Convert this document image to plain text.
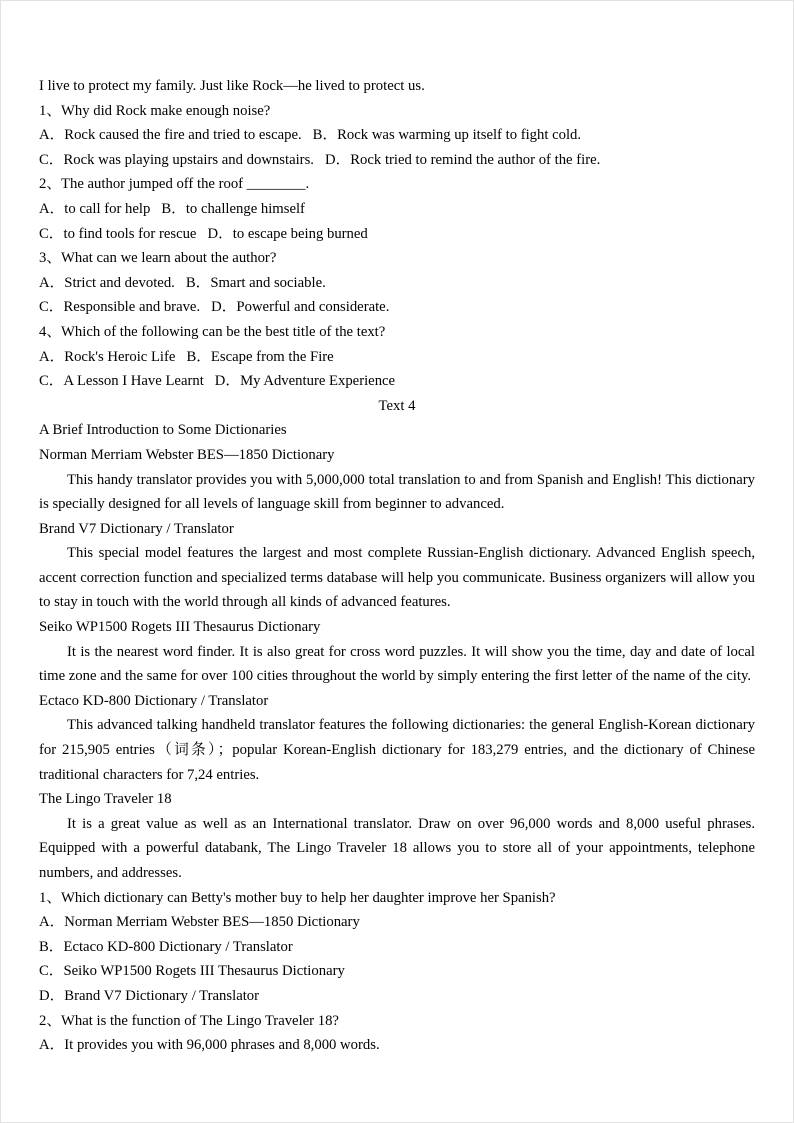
I live to protect my family. Just like Rock—he lived to protect us.
1、Why did Rock make enough noise?
A．Rock caused the fire and tried to escape.   B．Rock was warming up itself to fight cold.
C．Rock was playing upstairs and downstairs.   D．Rock tried to remind the author of the fire.
2、The author jumped off the roof ________.
A．to call for help   B．to challenge himself
C．to find tools for rescue   D．to escape being burned
3、What can we learn about the author?
A．Strict and devoted.   B．Smart and sociable.
C．Responsible and brave.   D．Powerful and considerate.
4、Which of the following can be the best title of the text?
A．Rock's Heroic Life   B．Escape from the Fire
C．A Lesson I Have Learnt   D．My Adventure Experience
Text 4
A Brief Introduction to Some Dictionaries
Norman Merriam Webster BES—1850 Dictionary
This handy translator provides you with 5,000,000 total translation to and from Spanish and English! This dictionary is specially designed for all levels of language skill from beginner to advanced.
Brand V7 Dictionary / Translator
This special model features the largest and most complete Russian-English dictionary. Advanced English speech, accent correction function and specialized terms database will help you communicate. Business organizers will allow you to stay in touch with the world through all kinds of advanced features.
Seiko WP1500 Rogets III Thesaurus Dictionary
It is the nearest word finder. It is also great for cross word puzzles. It will show you the time, day and date of local time zone and the same for over 100 cities throughout the world by simply entering the first letter of the name of the city.
Ectaco KD-800 Dictionary / Translator
This advanced talking handheld translator features the following dictionaries: the general English-Korean dictionary for 215,905 entries（词条）；popular Korean-English dictionary for 183,279 entries, and the dictionary of Chinese traditional characters for 7,24 entries.
The Lingo Traveler 18
It is a great value as well as an International translator. Draw on over 96,000 words and 8,000 useful phrases. Equipped with a powerful databank, The Lingo Traveler 18 allows you to store all of your appointments, telephone numbers, and addresses.
1、Which dictionary can Betty's mother buy to help her daughter improve her Spanish?
A．Norman Merriam Webster BES—1850 Dictionary
B．Ectaco KD-800 Dictionary / Translator
C．Seiko WP1500 Rogets III Thesaurus Dictionary
D．Brand V7 Dictionary / Translator
2、What is the function of The Lingo Traveler 18?
A．It provides you with 96,000 phrases and 8,000 words.
